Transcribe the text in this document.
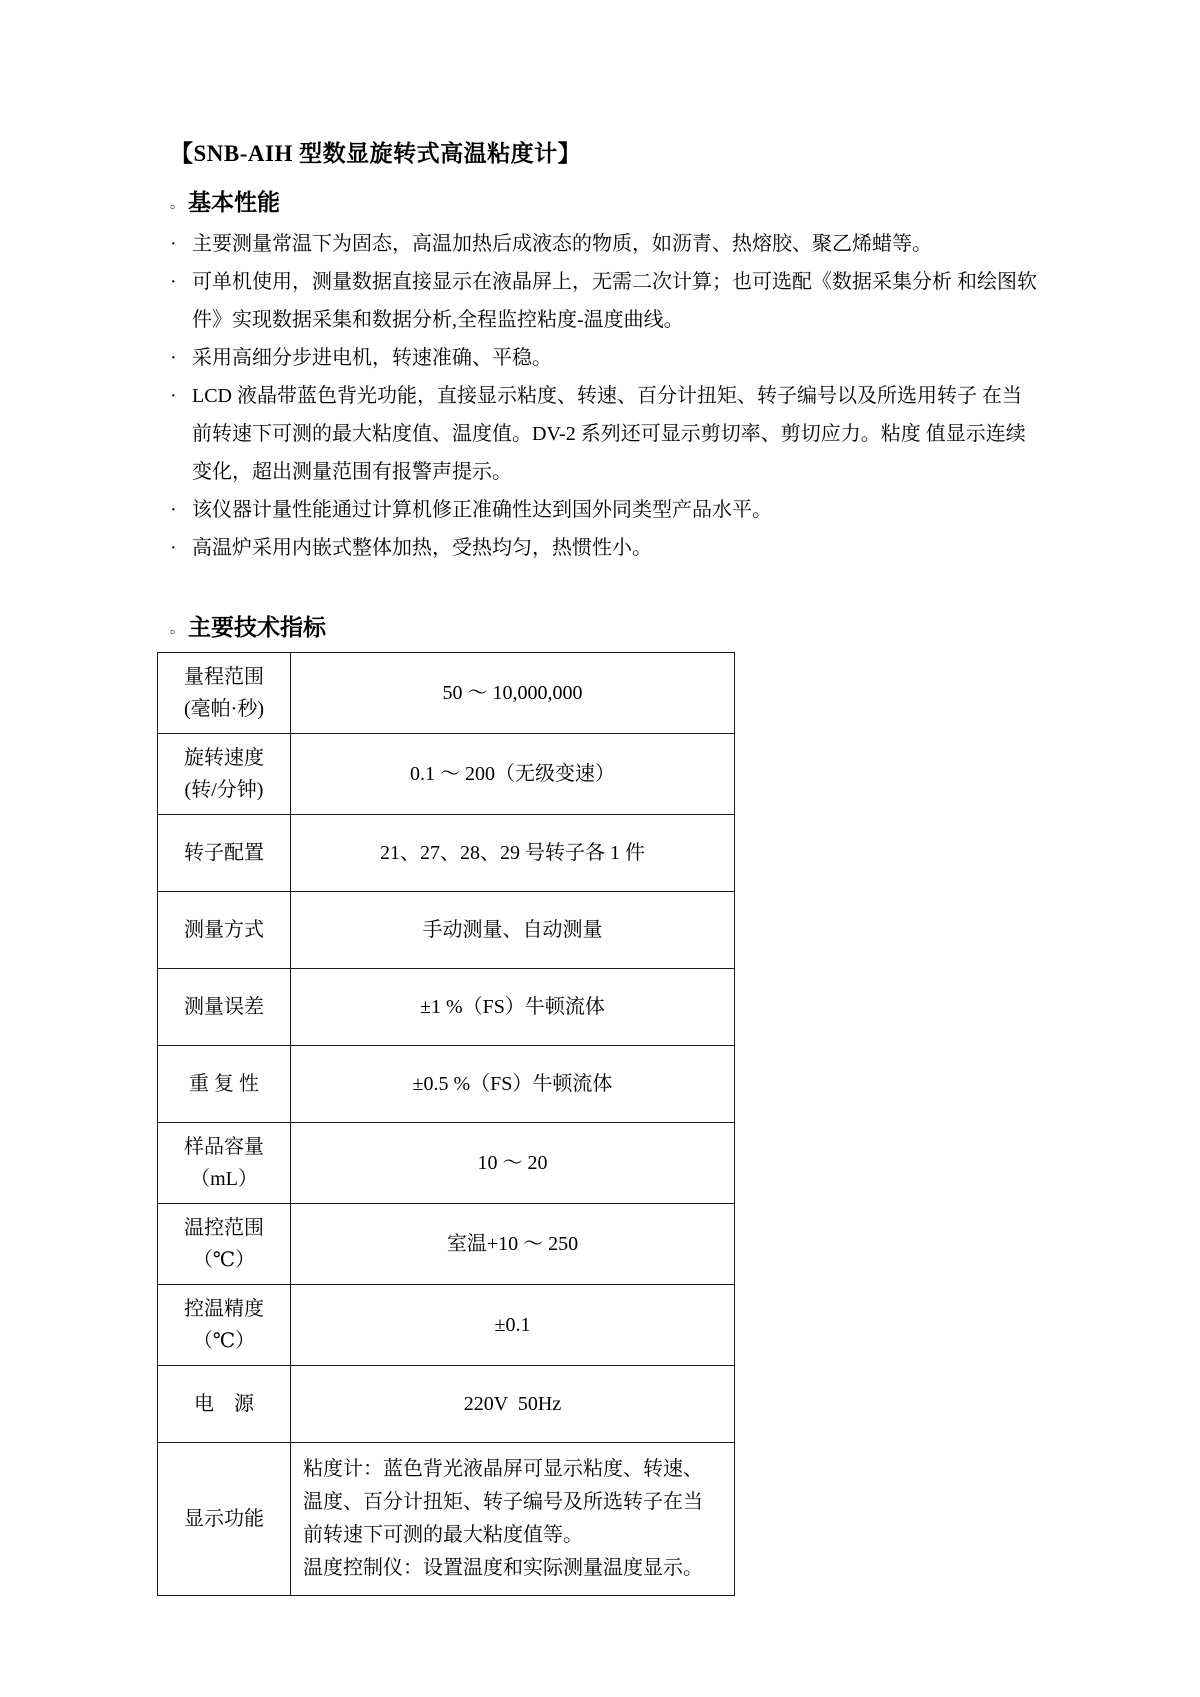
【SNB-AIH 型数显旋转式高温粘度计】
。 基本性能
· 主要测量常温下为固态，高温加热后成液态的物质，如沥青、热熔胶、聚乙烯蜡等。
· 可单机使用，测量数据直接显示在液晶屏上，无需二次计算；也可选配《数据采集分析 和绘图软件》实现数据采集和数据分析,全程监控粘度-温度曲线。
· 采用高细分步进电机，转速准确、平稳。
· LCD 液晶带蓝色背光功能，直接显示粘度、转速、百分计扭矩、转子编号以及所选用转子 在当前转速下可测的最大粘度值、温度值。DV-2 系列还可显示剪切率、剪切应力。粘度 值显示连续变化，超出测量范围有报警声提示。
· 该仪器计量性能通过计算机修正准确性达到国外同类型产品水平。
· 高温炉采用内嵌式整体加热，受热均匀，热惯性小。
。 主要技术指标
量程范围
(毫帕·秒)	50 ～ 10,000,000
旋转速度
(转/分钟)	0.1 ～ 200（无级变速）
转子配置	21、27、28、29 号转子各 1 件
测量方式	手动测量、自动测量
测量误差	±1 %（FS）牛顿流体
重 复 性	±0.5 %（FS）牛顿流体
样品容量
（mL）	10 ～ 20
温控范围
（℃）	室温+10 ～ 250
控温精度
（℃）	±0.1
电    源	220V  50Hz
显示功能	粘度计：蓝色背光液晶屏可显示粘度、转速、温度、百分计扭矩、转子编号及所选转子在当前转速下可测的最大粘度值等。
温度控制仪：设置温度和实际测量温度显示。
